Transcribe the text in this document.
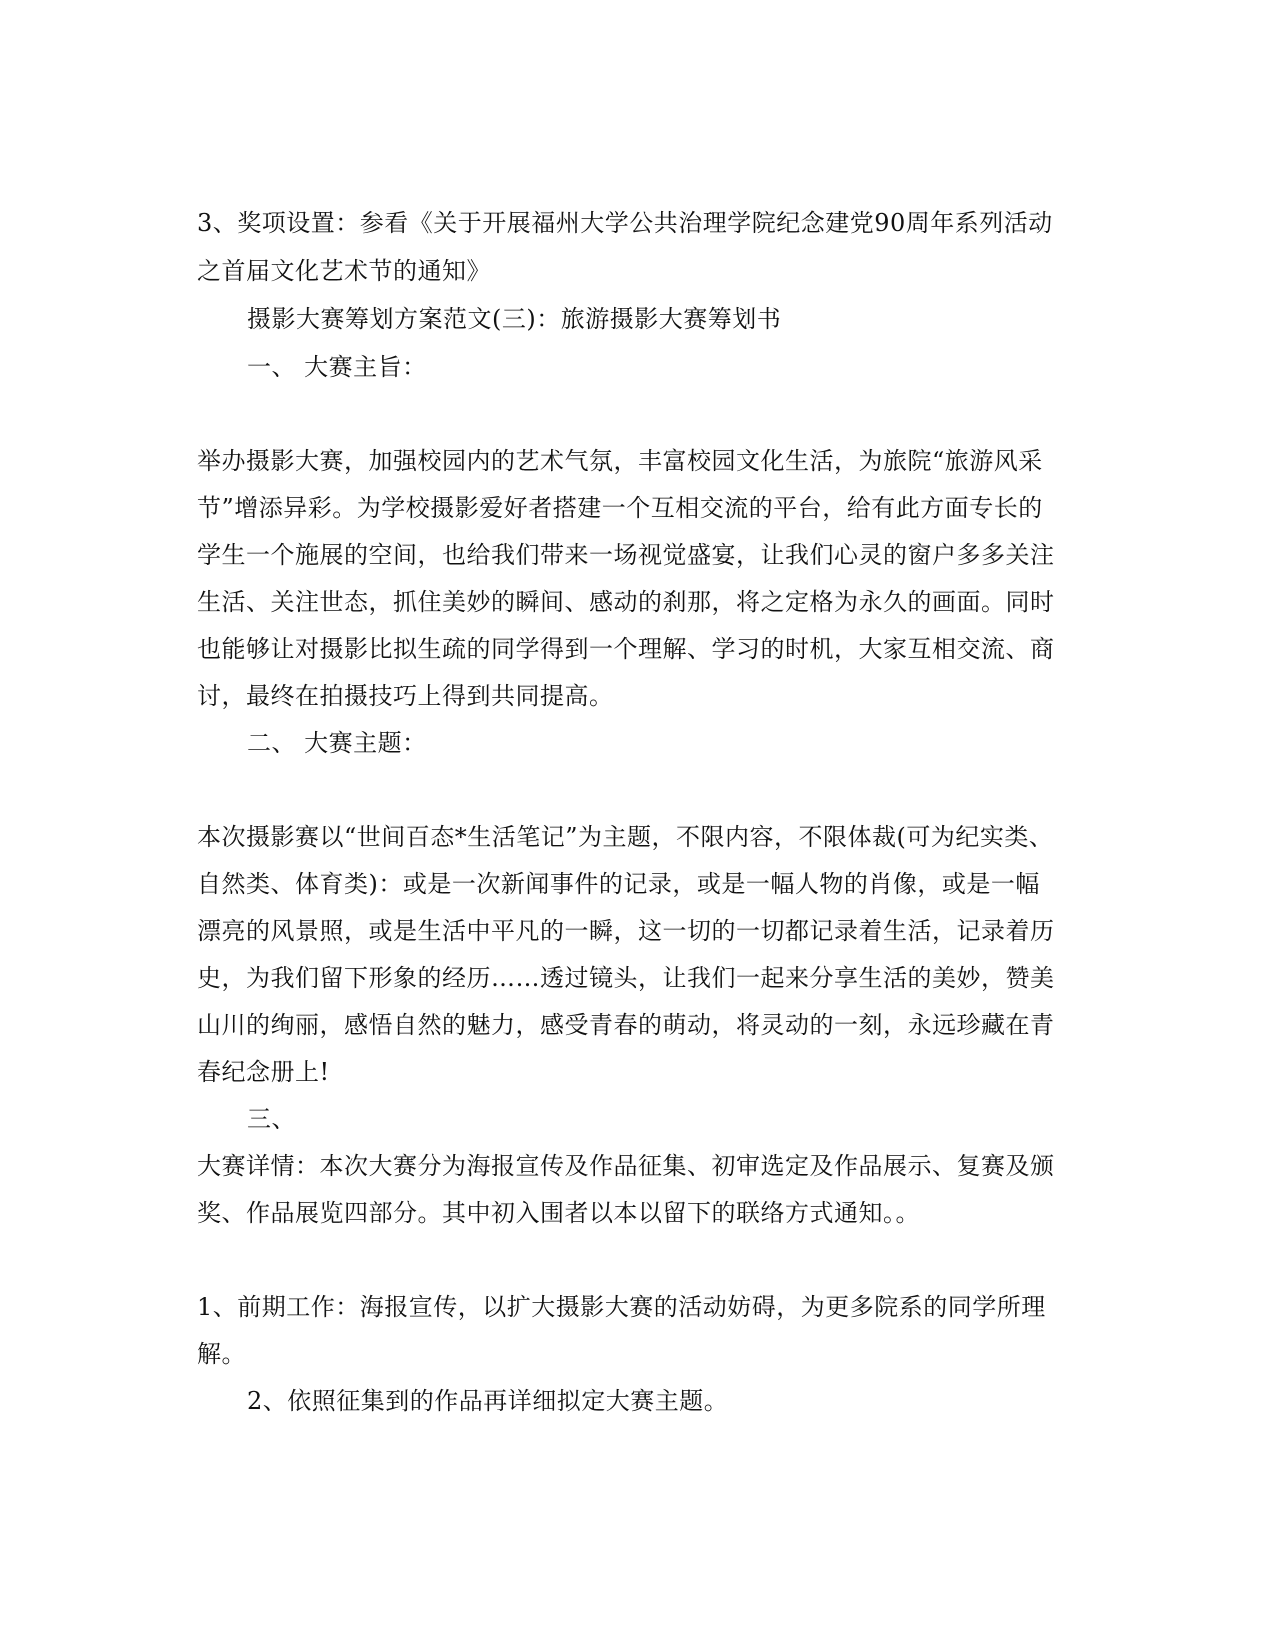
3、奖项设置：参看《关于开展福州大学公共治理学院纪念建党90周年系列活动
之首届文化艺术节的通知》
摄影大赛筹划方案范文(三)：旅游摄影大赛筹划书
一、 大赛主旨：
举办摄影大赛，加强校园内的艺术气氛，丰富校园文化生活，为旅院“旅游风采
节”增添异彩。为学校摄影爱好者搭建一个互相交流的平台，给有此方面专长的
学生一个施展的空间，也给我们带来一场视觉盛宴，让我们心灵的窗户多多关注
生活、关注世态，抓住美妙的瞬间、感动的刹那，将之定格为永久的画面。同时
也能够让对摄影比拟生疏的同学得到一个理解、学习的时机，大家互相交流、商
讨，最终在拍摄技巧上得到共同提高。
二、 大赛主题：
本次摄影赛以“世间百态*生活笔记”为主题，不限内容，不限体裁(可为纪实类、
自然类、体育类)：或是一次新闻事件的记录，或是一幅人物的肖像，或是一幅
漂亮的风景照，或是生活中平凡的一瞬，这一切的一切都记录着生活，记录着历
史，为我们留下形象的经历……透过镜头，让我们一起来分享生活的美妙，赞美
山川的绚丽，感悟自然的魅力，感受青春的萌动，将灵动的一刻，永远珍藏在青
春纪念册上!
三、
大赛详情：本次大赛分为海报宣传及作品征集、初审选定及作品展示、复赛及颁
奖、作品展览四部分。其中初入围者以本以留下的联络方式通知。。
1、前期工作：海报宣传，以扩大摄影大赛的活动妨碍，为更多院系的同学所理
解。
2、依照征集到的作品再详细拟定大赛主题。
